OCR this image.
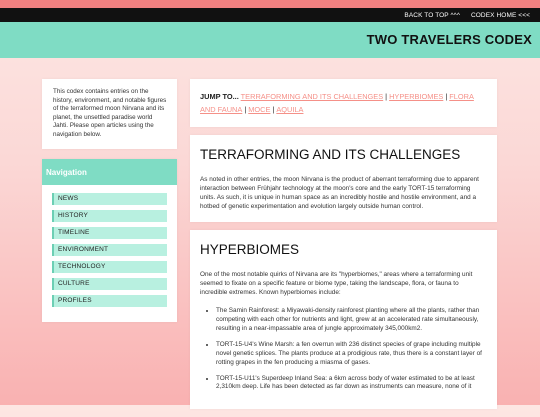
BACK TO TOP ^^^ CODEX HOME <<<
TWO TRAVELERS CODEX
This codex contains entries on the history, environment, and notable figures of the terraformed moon Nirvana and its planet, the unsettled paradise world Jahti. Please open articles using the navigation below.
Navigation
NEWS
HISTORY
TIMELINE
ENVIRONMENT
TECHNOLOGY
CULTURE
PROFILES
JUMP TO... TERRAFORMING AND ITS CHALLENGES | HYPERBIOMES | FLORA AND FAUNA | MOCE | AQUILA
TERRAFORMING AND ITS CHALLENGES

As noted in other entries, the moon Nirvana is the product of aberrant terraforming due to apparent interaction between Frühjahr technology at the moon's core and the early TORT-15 terraforming units. As such, it is unique in human space as an incredibly hostile and hostile environment, and a hotbed of genetic experimentation and evolution largely outside human control.

HYPERBIOMES

One of the most notable quirks of Nirvana are its "hyperbiomes," areas where a terraforming unit seemed to fixate on a specific feature or biome type, taking the landscape, flora, or fauna to incredible extremes. Known hyperbiomes include:

• The Samin Rainforest: a Miyawaki-density rainforest planting where all the plants, rather than competing with each other for nutrients and light, grew at an accelerated rate simultaneously, resulting in a near-impassable area of jungle approximately 345,000km2.
• TORT-15-U4's Wine Marsh: a fen overrun with 236 distinct species of grape including multiple novel genetic splices. The plants produce at a prodigious rate, thus there is a constant layer of rotting grapes in the fen producing a miasma of gases.
• TORT-15-U11's Superdeep Inland Sea: a 6km across body of water estimated to be at least 2,310km deep. Life has been detected as far down as instruments can measure, none of it
